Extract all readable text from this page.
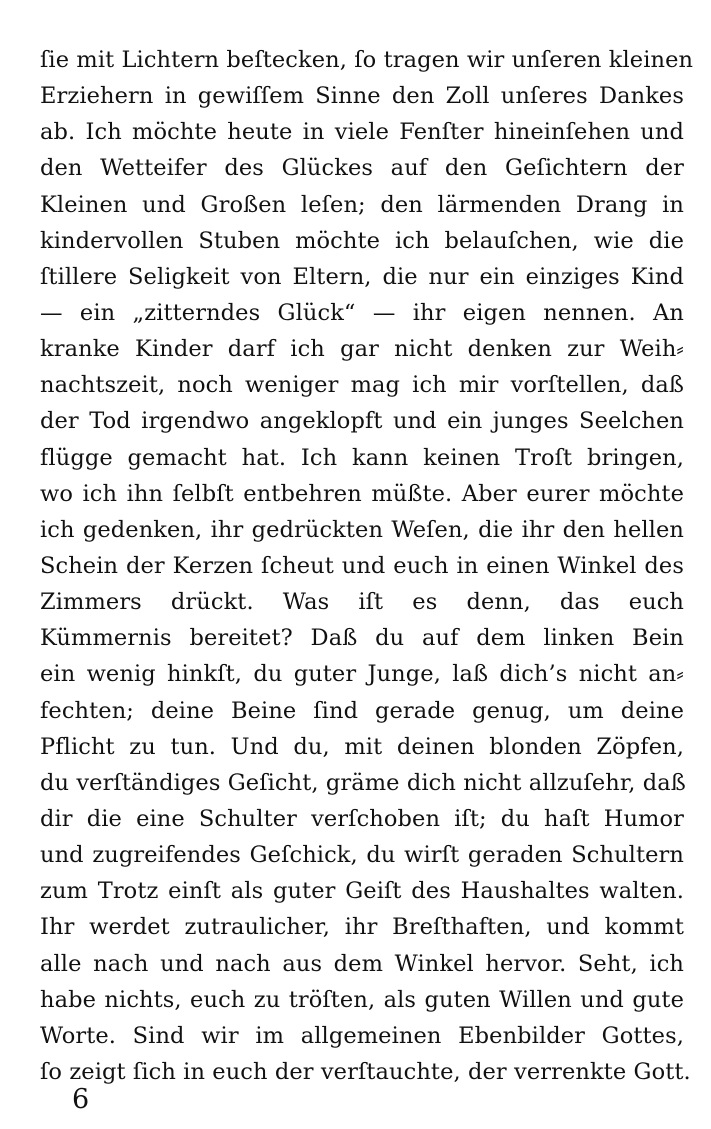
ſie mit Lichtern beſtecken, ſo tragen wir unſeren kleinen
Erziehern in gewiſſem Sinne den Zoll unſeres Dankes
ab. Ich möchte heute in viele Fenſter hineinſehen und
den Wetteifer des Glückes auf den Geſichtern der
Kleinen und Großen leſen; den lärmenden Drang in
kindervollen Stuben möchte ich belauſchen, wie die
ſtillere Seligkeit von Eltern, die nur ein einziges Kind
— ein „zitterndes Glück“ — ihr eigen nennen. An
kranke Kinder darf ich gar nicht denken zur Weih⸗
nachtszeit, noch weniger mag ich mir vorſtellen, daß
der Tod irgendwo angeklopft und ein junges Seelchen
flügge gemacht hat. Ich kann keinen Troſt bringen,
wo ich ihn ſelbſt entbehren müßte. Aber eurer möchte
ich gedenken, ihr gedrückten Weſen, die ihr den hellen
Schein der Kerzen ſcheut und euch in einen Winkel des
Zimmers drückt. Was iſt es denn, das euch
Kümmernis bereitet? Daß du auf dem linken Bein
ein wenig hinkſt, du guter Junge, laß dich’s nicht an⸗
fechten; deine Beine ſind gerade genug, um deine
Pflicht zu tun. Und du, mit deinen blonden Zöpfen,
du verſtändiges Geſicht, gräme dich nicht allzuſehr, daß
dir die eine Schulter verſchoben iſt; du haſt Humor
und zugreifendes Geſchick, du wirſt geraden Schultern
zum Trotz einſt als guter Geiſt des Haushaltes walten.
Ihr werdet zutraulicher, ihr Breſthaften, und kommt
alle nach und nach aus dem Winkel hervor. Seht, ich
habe nichts, euch zu tröſten, als guten Willen und gute
Worte. Sind wir im allgemeinen Ebenbilder Gottes,
ſo zeigt ſich in euch der verſtauchte, der verrenkte Gott.
6
